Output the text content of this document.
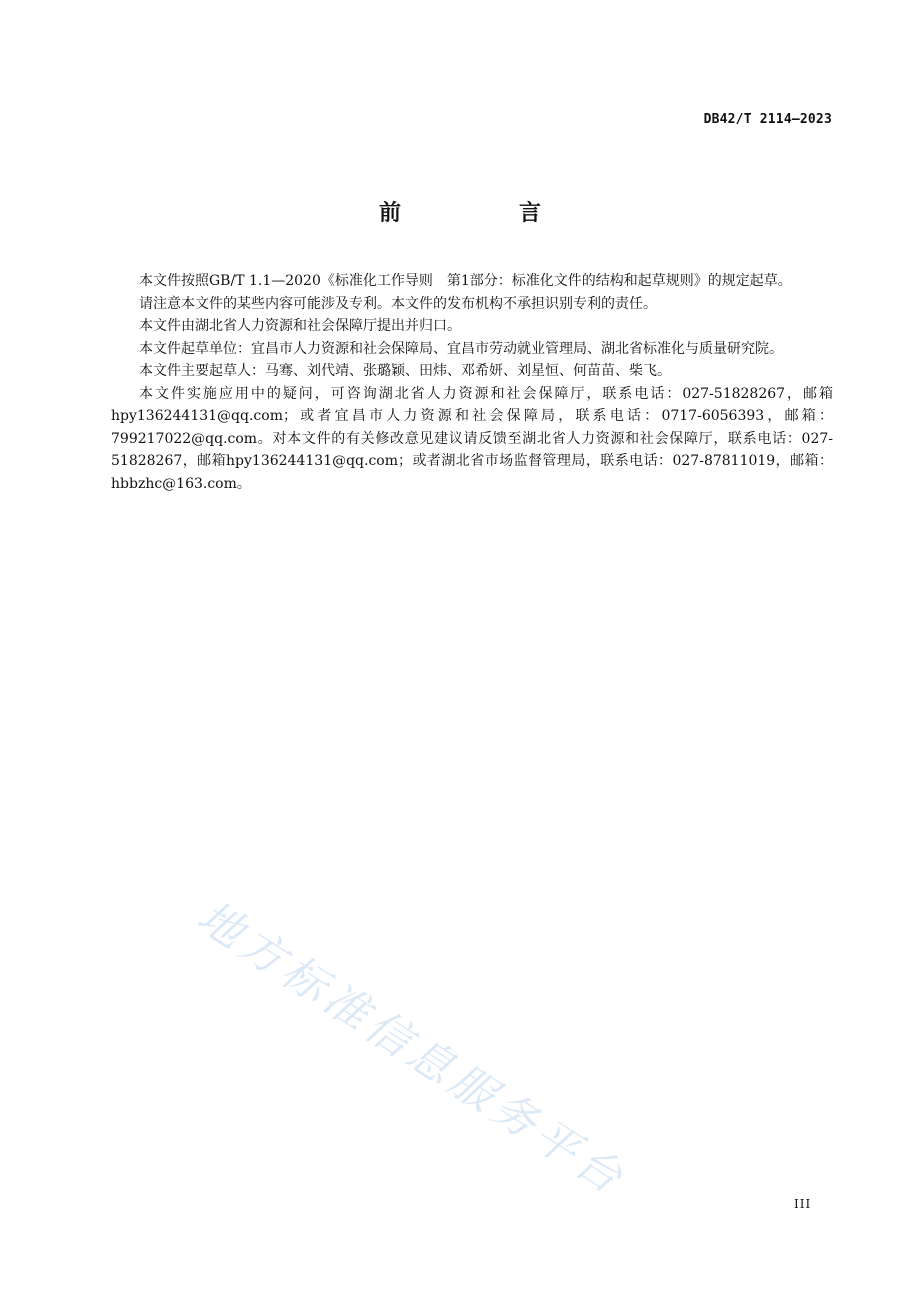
DB42/T 2114—2023
前　言

本文件按照GB/T 1.1—2020《标准化工作导则　第1部分：标准化文件的结构和起草规则》的规定起草。

请注意本文件的某些内容可能涉及专利。本文件的发布机构不承担识别专利的责任。

本文件由湖北省人力资源和社会保障厅提出并归口。

本文件起草单位：宜昌市人力资源和社会保障局、宜昌市劳动就业管理局、湖北省标准化与质量研究院。

本文件主要起草人：马骞、刘代靖、张璐颖、田炜、邓希妍、刘星恒、何苗苗、柴飞。

本文件实施应用中的疑问，可咨询湖北省人力资源和社会保障厅，联系电话：027-51828267，邮箱hpy136244131@qq.com；或者宜昌市人力资源和社会保障局，联系电话：0717-6056393，邮箱：799217022@qq.com。对本文件的有关修改意见建议请反馈至湖北省人力资源和社会保障厅，联系电话：027-51828267，邮箱hpy136244131@qq.com；或者湖北省市场监督管理局，联系电话：027-87811019，邮箱：hbbzhc@163.com。

地方标准信息服务平台	III
